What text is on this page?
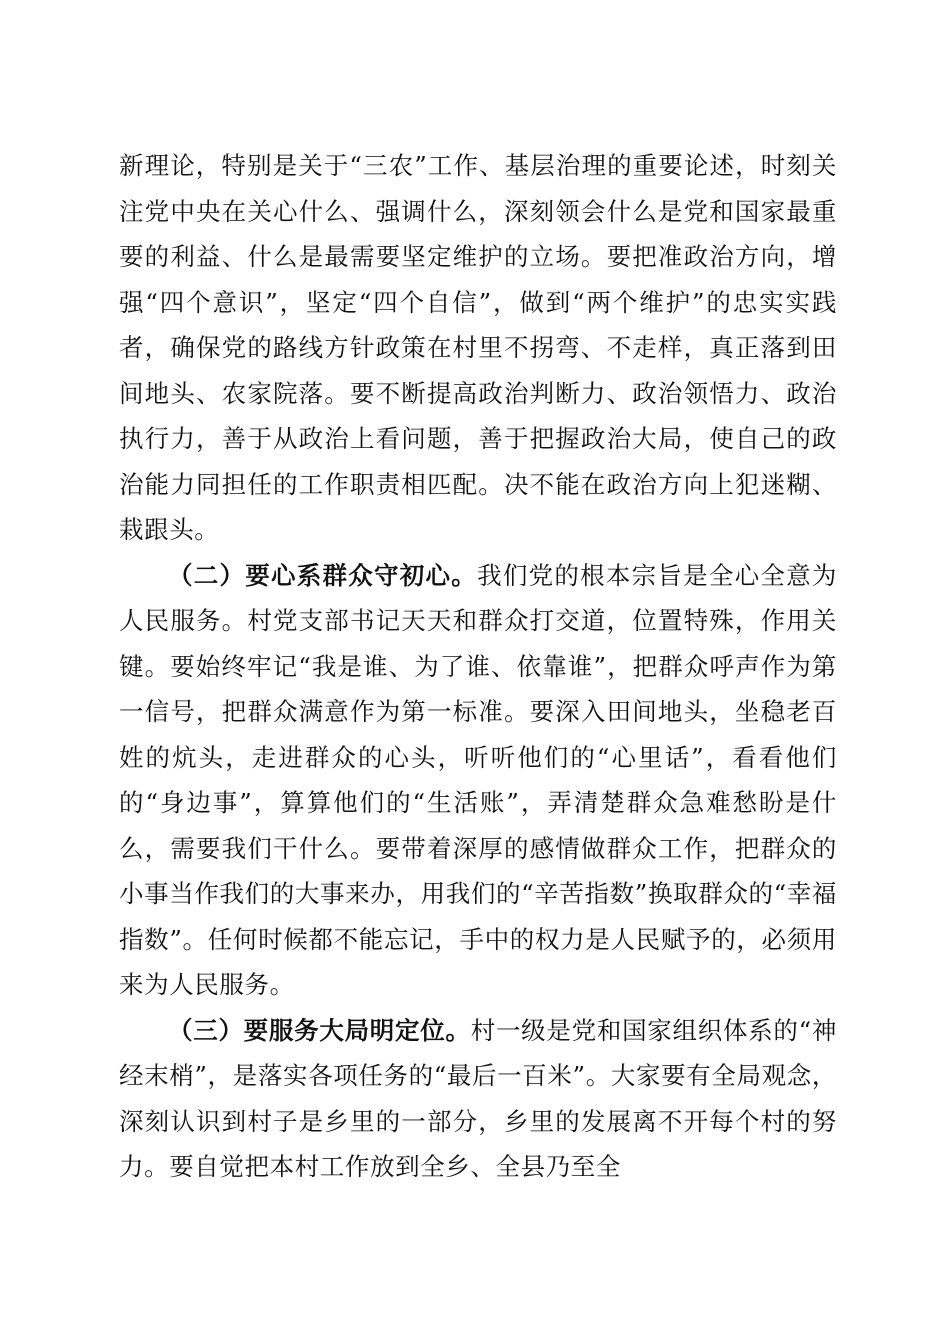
新理论，特别是关于“三农”工作、基层治理的重要论述，时刻关注党中央在关心什么、强调什么，深刻领会什么是党和国家最重要的利益、什么是最需要坚定维护的立场。要把准政治方向，增强“四个意识”，坚定“四个自信”，做到“两个维护”的忠实实践者，确保党的路线方针政策在村里不拐弯、不走样，真正落到田间地头、农家院落。要不断提高政治判断力、政治领悟力、政治执行力，善于从政治上看问题，善于把握政治大局，使自己的政治能力同担任的工作职责相匹配。决不能在政治方向上犯迷糊、栽跟头。

（二）要心系群众守初心。我们党的根本宗旨是全心全意为人民服务。村党支部书记天天和群众打交道，位置特殊，作用关键。要始终牢记“我是谁、为了谁、依靠谁”，把群众呼声作为第一信号，把群众满意作为第一标准。要深入田间地头，坐稳老百姓的炕头，走进群众的心头，听听他们的“心里话”，看看他们的“身边事”，算算他们的“生活账”，弄清楚群众急难愁盼是什么，需要我们干什么。要带着深厚的感情做群众工作，把群众的小事当作我们的大事来办，用我们的“辛苦指数”换取群众的“幸福指数”。任何时候都不能忘记，手中的权力是人民赋予的，必须用来为人民服务。

（三）要服务大局明定位。村一级是党和国家组织体系的“神经末梢”，是落实各项任务的“最后一百米”。大家要有全局观念，深刻认识到村子是乡里的一部分，乡里的发展离不开每个村的努力。要自觉把本村工作放到全乡、全县乃至全
